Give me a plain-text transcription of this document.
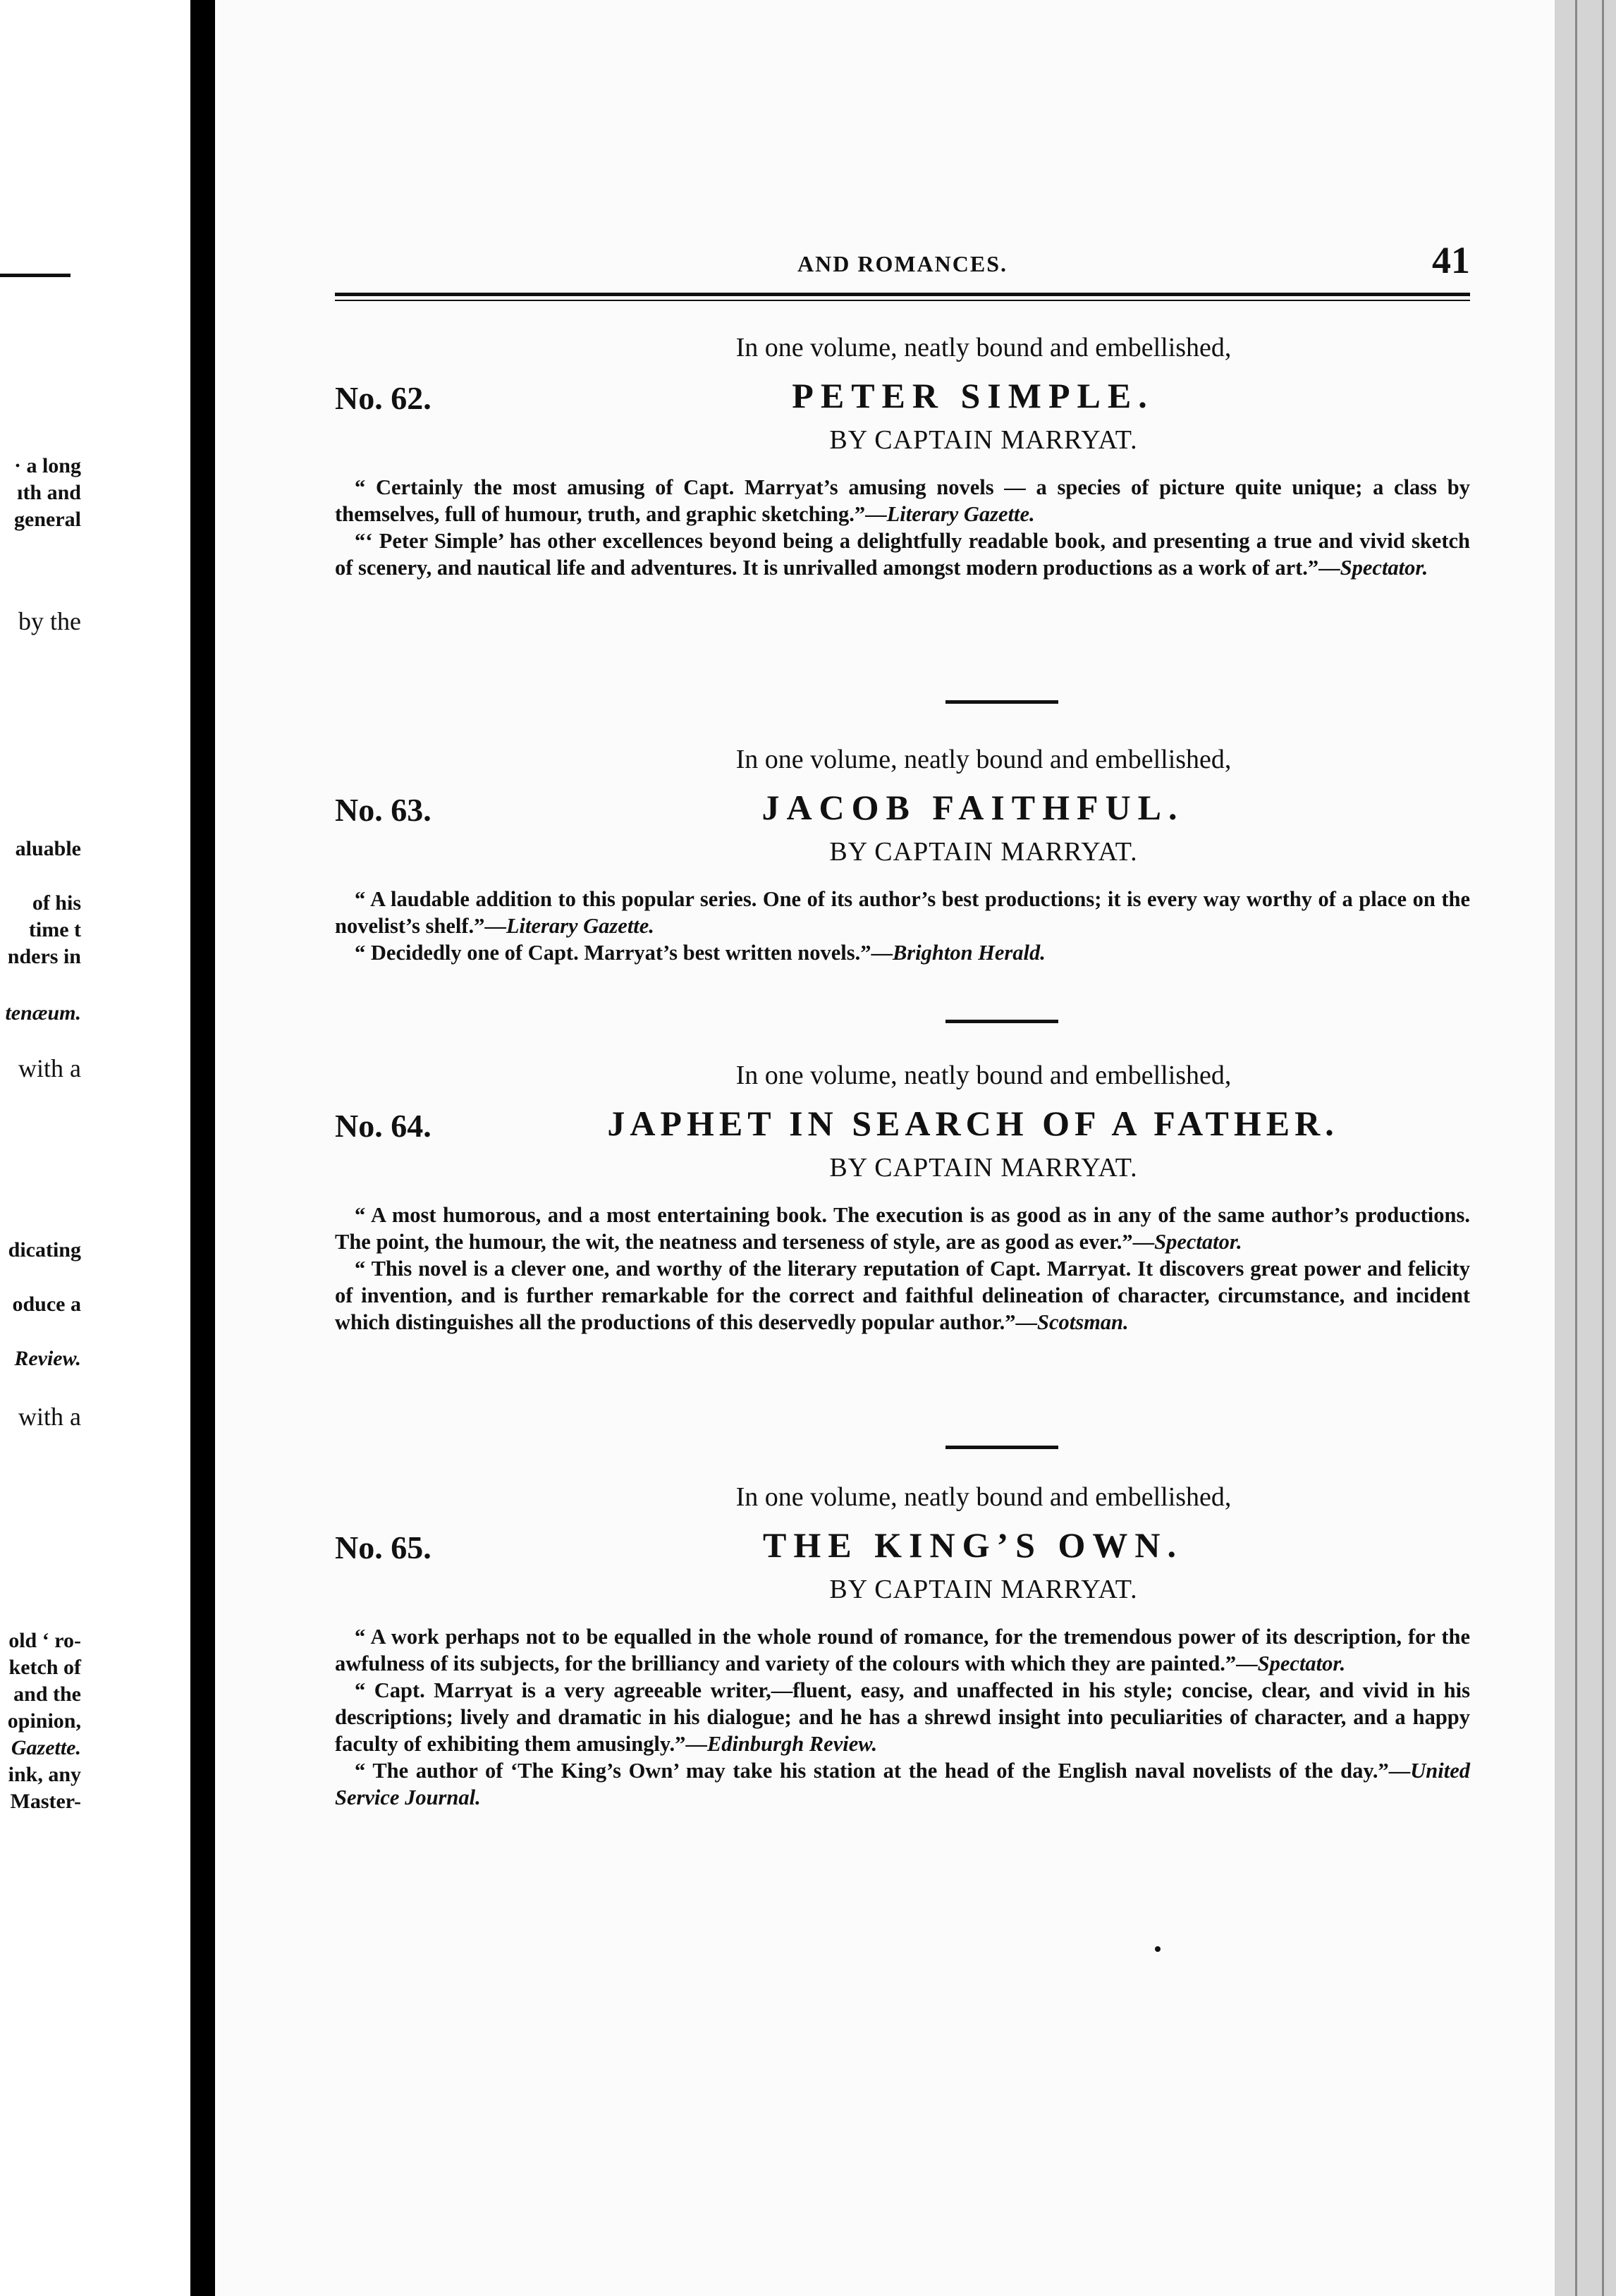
· a long
ıth and
general
by the
aluable
of his
time t
nders in
tenæum.
with a
dicating
oduce a
Review.
with a
old ‘ ro-
ketch of
and the
opinion,
Gazette.
ink, any
Master-
AND ROMANCES.	41
In one volume, neatly bound and embellished,
No. 62.	PETER SIMPLE.
BY CAPTAIN MARRYAT.

“ Certainly the most amusing of Capt. Marryat’s amusing novels — a species of picture quite unique; a class by themselves, full of humour, truth, and graphic sketching.”—Literary Gazette.

“‘ Peter Simple’ has other excellences beyond being a delightfully readable book, and presenting a true and vivid sketch of scenery, and nautical life and adventures. It is unrivalled amongst modern productions as a work of art.”—Spectator.

In one volume, neatly bound and embellished,
No. 63.	JACOB FAITHFUL.
BY CAPTAIN MARRYAT.

“ A laudable addition to this popular series. One of its author’s best productions; it is every way worthy of a place on the novelist’s shelf.”—Literary Gazette.

“ Decidedly one of Capt. Marryat’s best written novels.”—Brighton Herald.

In one volume, neatly bound and embellished,
No. 64.	JAPHET IN SEARCH OF A FATHER.
BY CAPTAIN MARRYAT.

“ A most humorous, and a most entertaining book. The execution is as good as in any of the same author’s productions. The point, the humour, the wit, the neatness and terseness of style, are as good as ever.”—Spectator.

“ This novel is a clever one, and worthy of the literary reputation of Capt. Marryat. It discovers great power and felicity of invention, and is further remarkable for the correct and faithful delineation of character, circumstance, and incident which distinguishes all the productions of this deservedly popular author.”—Scotsman.

In one volume, neatly bound and embellished,
No. 65.	THE KING’S OWN.
BY CAPTAIN MARRYAT.

“ A work perhaps not to be equalled in the whole round of romance, for the tremendous power of its description, for the awfulness of its subjects, for the brilliancy and variety of the colours with which they are painted.”—Spectator.

“ Capt. Marryat is a very agreeable writer,—fluent, easy, and unaffected in his style; concise, clear, and vivid in his descriptions; lively and dramatic in his dialogue; and he has a shrewd insight into peculiarities of character, and a happy faculty of exhibiting them amusingly.”—Edinburgh Review.

“ The author of ‘The King’s Own’ may take his station at the head of the English naval novelists of the day.”—United Service Journal.
